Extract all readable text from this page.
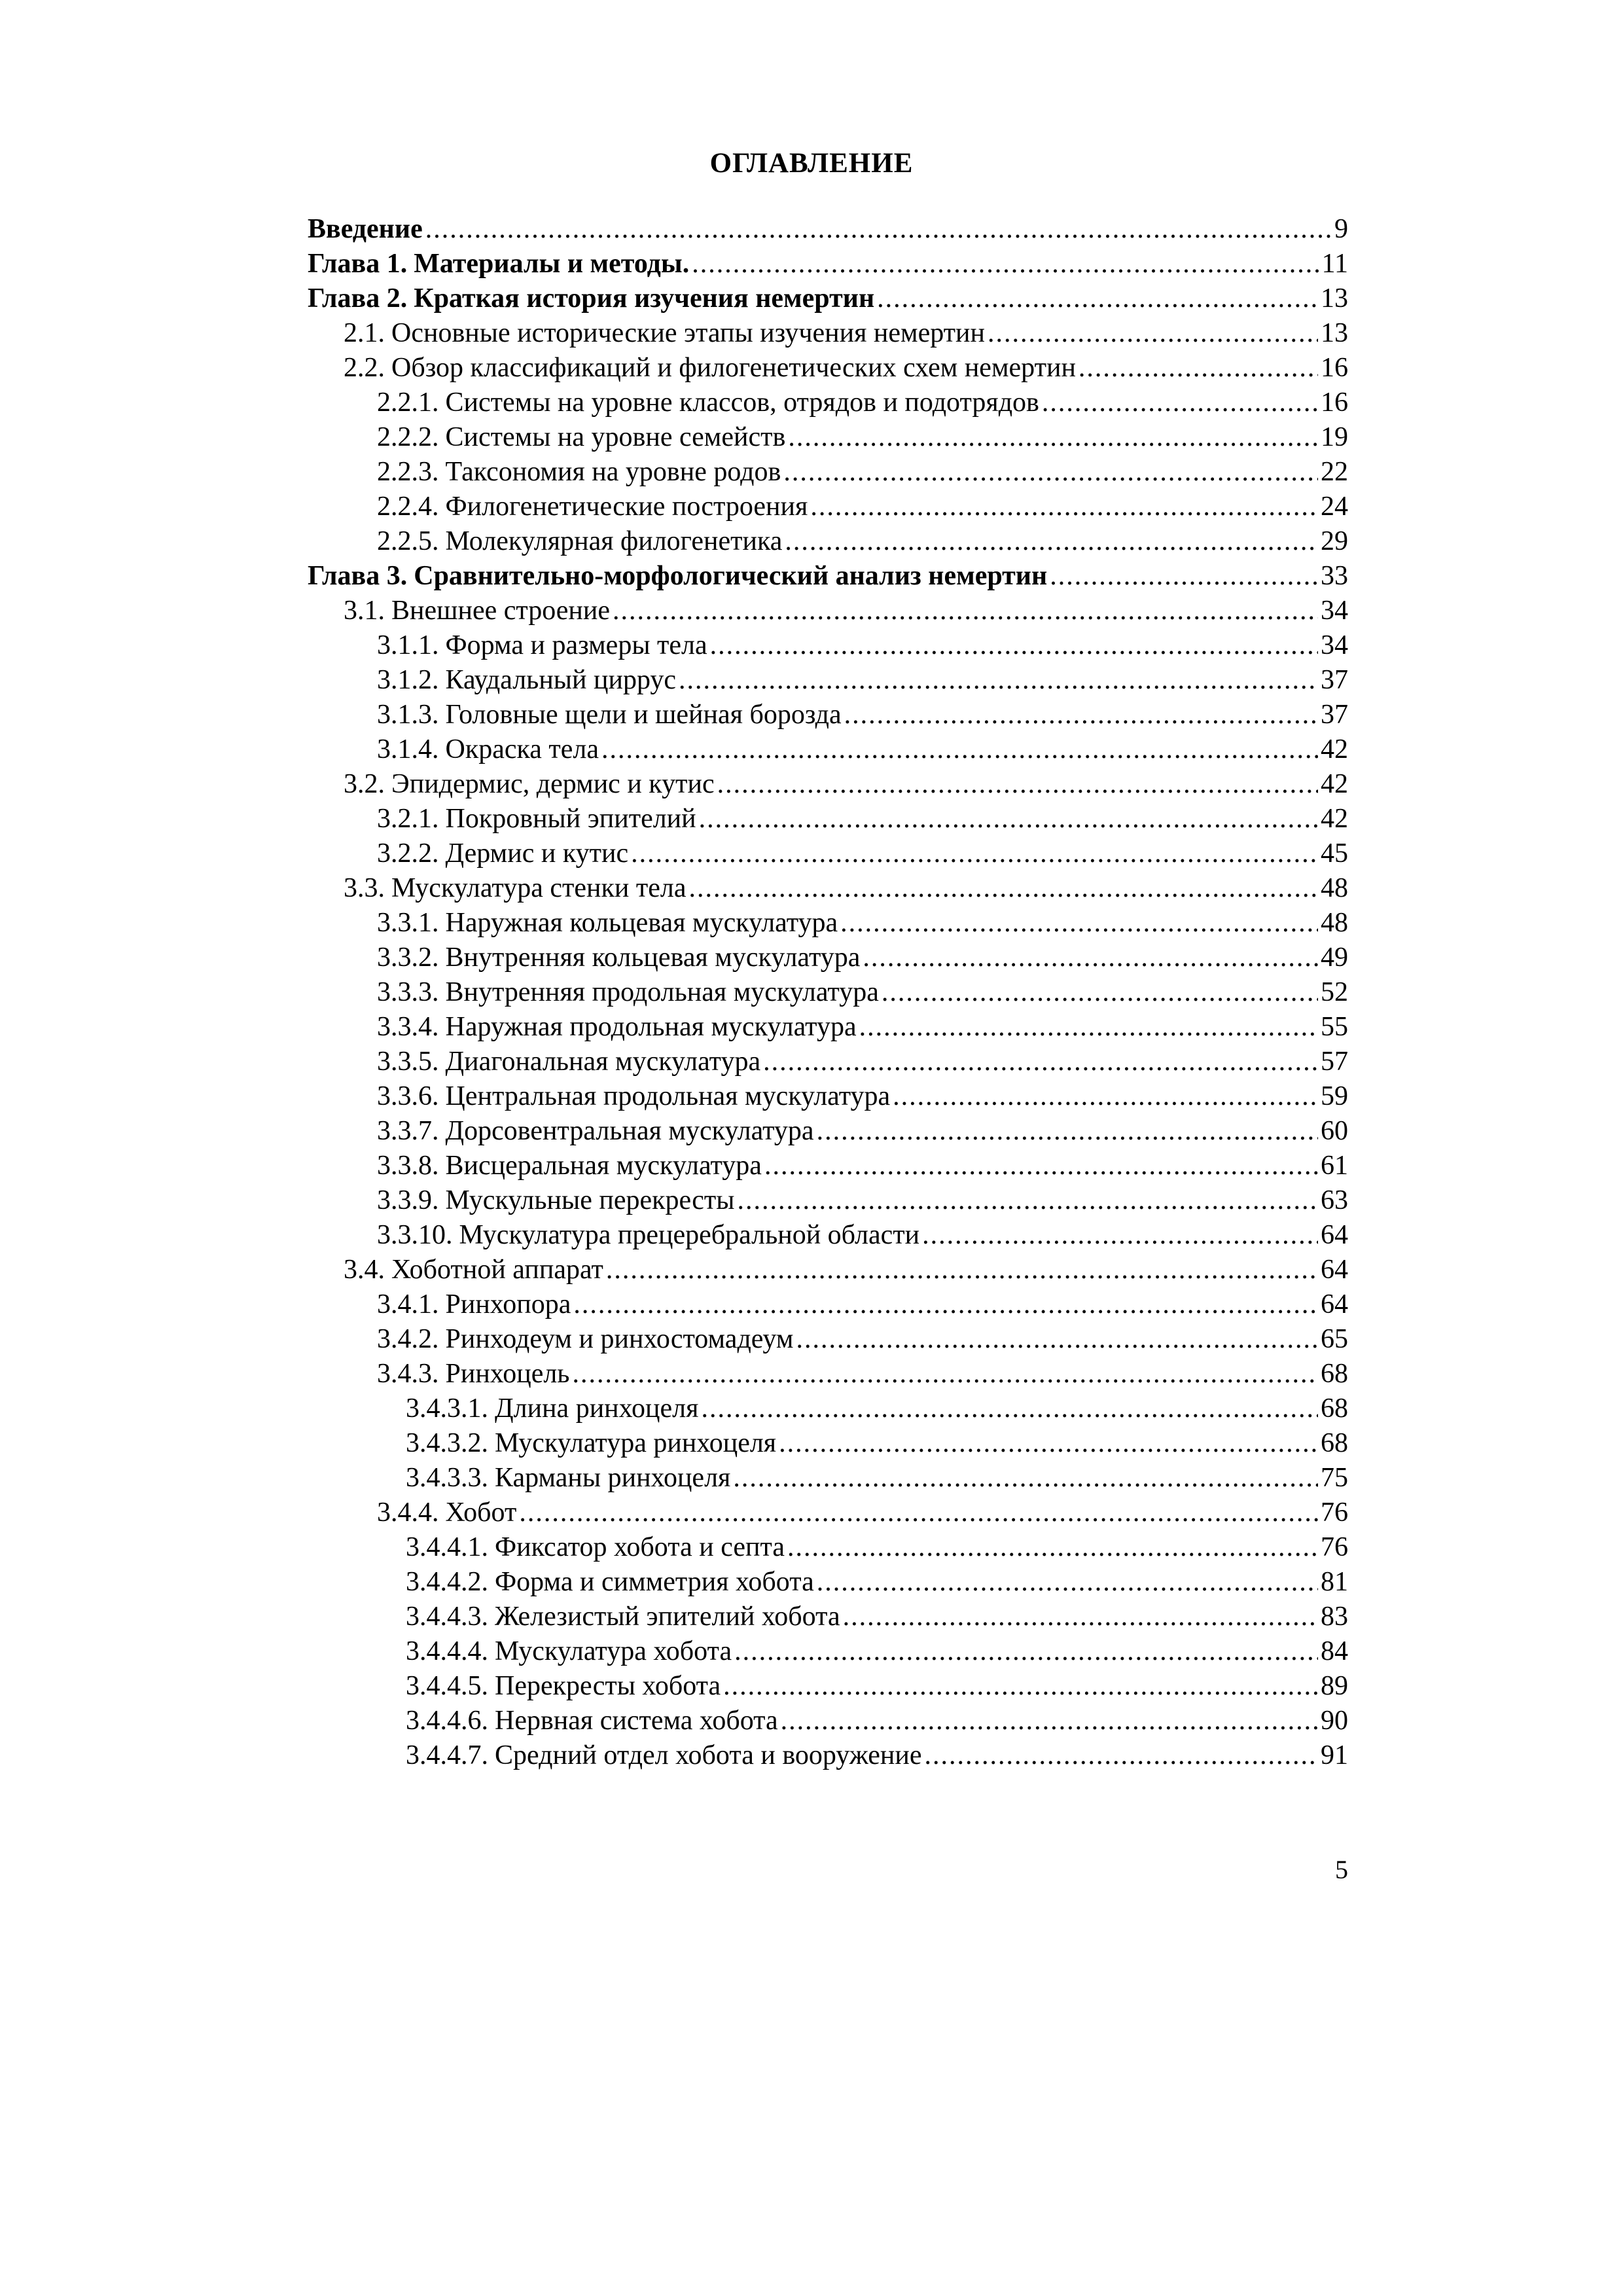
ОГЛАВЛЕНИЕ
Введение .....	9
Глава 1. Материалы и методы. .....	11
Глава 2. Краткая история изучения немертин .....	13
2.1. Основные исторические этапы изучения немертин .....	13
2.2. Обзор классификаций и филогенетических схем немертин .....	16
2.2.1. Системы на уровне классов, отрядов и подотрядов .....	16
2.2.2. Системы на уровне семейств .....	19
2.2.3. Таксономия на уровне родов .....	22
2.2.4. Филогенетические построения .....	24
2.2.5. Молекулярная филогенетика .....	29
Глава 3. Сравнительно-морфологический анализ немертин .....	33
3.1. Внешнее строение .....	34
3.1.1. Форма и размеры тела .....	34
3.1.2. Каудальный циррус .....	37
3.1.3. Головные щели и шейная борозда .....	37
3.1.4. Окраска тела .....	42
3.2. Эпидермис, дермис и кутис .....	42
3.2.1. Покровный эпителий .....	42
3.2.2. Дермис и кутис .....	45
3.3. Мускулатура стенки тела .....	48
3.3.1. Наружная кольцевая мускулатура .....	48
3.3.2. Внутренняя кольцевая мускулатура .....	49
3.3.3. Внутренняя продольная мускулатура .....	52
3.3.4. Наружная продольная мускулатура .....	55
3.3.5. Диагональная мускулатура .....	57
3.3.6. Центральная продольная мускулатура .....	59
3.3.7. Дорсовентральная мускулатура .....	60
3.3.8. Висцеральная мускулатура .....	61
3.3.9. Мускульные перекресты .....	63
3.3.10. Мускулатура прецеребральной области .....	64
3.4. Хоботной аппарат .....	64
3.4.1. Ринхопора .....	64
3.4.2. Ринходеум и ринхостомадеум .....	65
3.4.3. Ринхоцель .....	68
3.4.3.1. Длина ринхоцеля .....	68
3.4.3.2. Мускулатура ринхоцеля .....	68
3.4.3.3. Карманы ринхоцеля .....	75
3.4.4. Хобот .....	76
3.4.4.1. Фиксатор хобота и септа .....	76
3.4.4.2. Форма и симметрия хобота .....	81
3.4.4.3. Железистый эпителий хобота .....	83
3.4.4.4. Мускулатура хобота .....	84
3.4.4.5. Перекресты хобота .....	89
3.4.4.6. Нервная система хобота .....	90
3.4.4.7. Средний отдел хобота и вооружение .....	91
5
